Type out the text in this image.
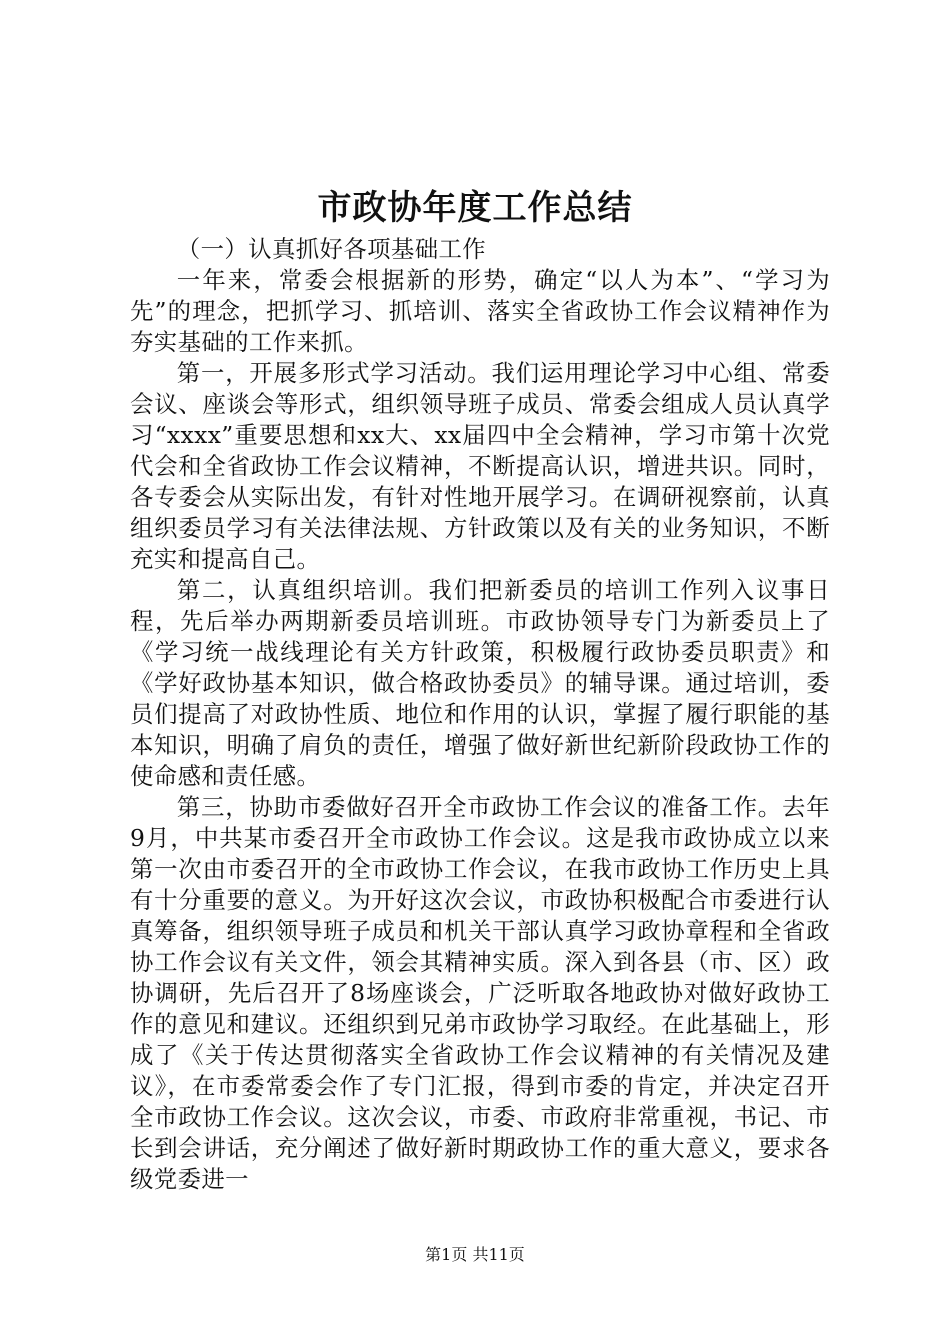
市政协年度工作总结

（一）认真抓好各项基础工作

一年来，常委会根据新的形势，确定“以人为本”、“学习为先”的理念，把抓学习、抓培训、落实全省政协工作会议精神作为夯实基础的工作来抓。

第一，开展多形式学习活动。我们运用理论学习中心组、常委会议、座谈会等形式，组织领导班子成员、常委会组成人员认真学习“xxxx”重要思想和xx大、xx届四中全会精神，学习市第十次党代会和全省政协工作会议精神，不断提高认识，增进共识。同时，各专委会从实际出发，有针对性地开展学习。在调研视察前，认真组织委员学习有关法律法规、方针政策以及有关的业务知识，不断充实和提高自己。

第二，认真组织培训。我们把新委员的培训工作列入议事日程，先后举办两期新委员培训班。市政协领导专门为新委员上了《学习统一战线理论有关方针政策，积极履行政协委员职责》和《学好政协基本知识，做合格政协委员》的辅导课。通过培训，委员们提高了对政协性质、地位和作用的认识，掌握了履行职能的基本知识，明确了肩负的责任，增强了做好新世纪新阶段政协工作的使命感和责任感。

第三，协助市委做好召开全市政协工作会议的准备工作。去年9月，中共某市委召开全市政协工作会议。这是我市政协成立以来第一次由市委召开的全市政协工作会议，在我市政协工作历史上具有十分重要的意义。为开好这次会议，市政协积极配合市委进行认真筹备，组织领导班子成员和机关干部认真学习政协章程和全省政协工作会议有关文件，领会其精神实质。深入到各县（市、区）政协调研，先后召开了8场座谈会，广泛听取各地政协对做好政协工作的意见和建议。还组织到兄弟市政协学习取经。在此基础上，形成了《关于传达贯彻落实全省政协工作会议精神的有关情况及建议》，在市委常委会作了专门汇报，得到市委的肯定，并决定召开全市政协工作会议。这次会议，市委、市政府非常重视，书记、市长到会讲话，充分阐述了做好新时期政协工作的重大意义，要求各级党委进一

第1页 共11页
